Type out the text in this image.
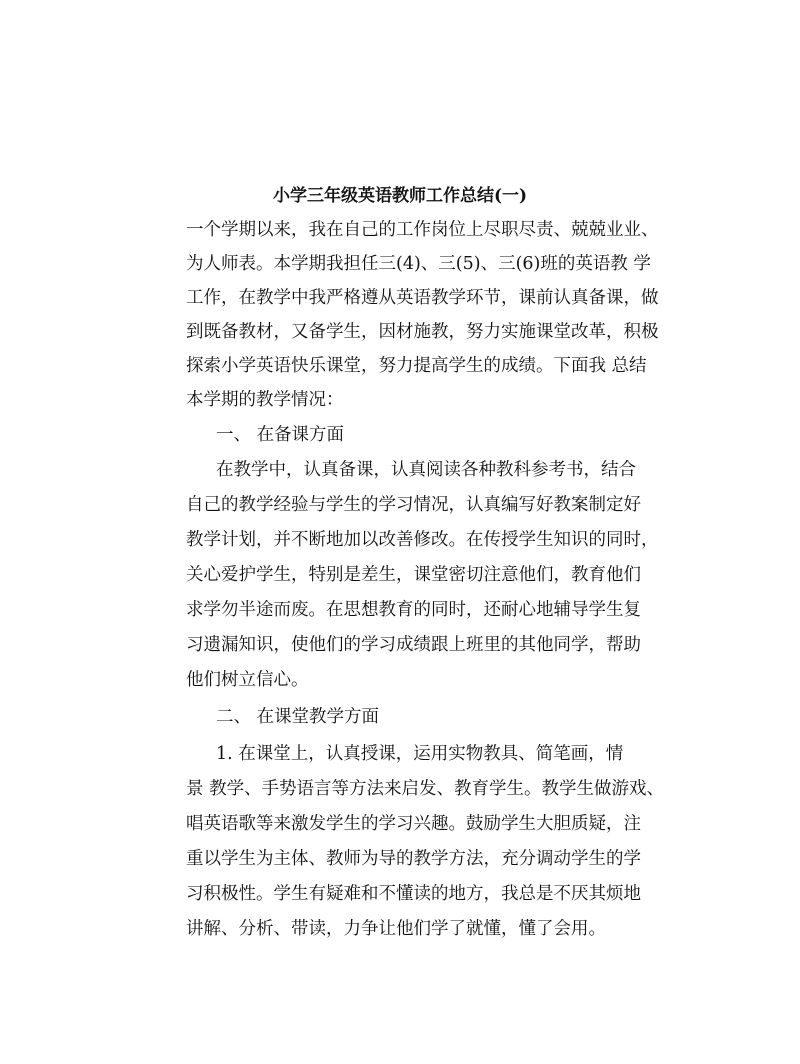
小学三年级英语教师工作总结(一)
一个学期以来，我在自己的工作岗位上尽职尽责、兢兢业业、
为人师表。本学期我担任三(4)、三(5)、三(6)班的英语教 学
工作，在教学中我严格遵从英语教学环节，课前认真备课，做
到既备教材，又备学生，因材施教，努力实施课堂改革，积极
探索小学英语快乐课堂，努力提高学生的成绩。下面我 总结
本学期的教学情况：
一、 在备课方面
在教学中，认真备课，认真阅读各种教科参考书，结合
自己的教学经验与学生的学习情况，认真编写好教案制定好
教学计划，并不断地加以改善修改。在传授学生知识的同时，
关心爱护学生，特别是差生，课堂密切注意他们，教育他们
求学勿半途而废。在思想教育的同时，还耐心地辅导学生复
习遗漏知识，使他们的学习成绩跟上班里的其他同学，帮助
他们树立信心。
二、 在课堂教学方面
1. 在课堂上，认真授课，运用实物教具、简笔画，情
景 教学、手势语言等方法来启发、教育学生。教学生做游戏、
唱英语歌等来激发学生的学习兴趣。鼓励学生大胆质疑，注
重以学生为主体、教师为导的教学方法，充分调动学生的学
习积极性。学生有疑难和不懂读的地方，我总是不厌其烦地
讲解、分析、带读，力争让他们学了就懂，懂了会用。
